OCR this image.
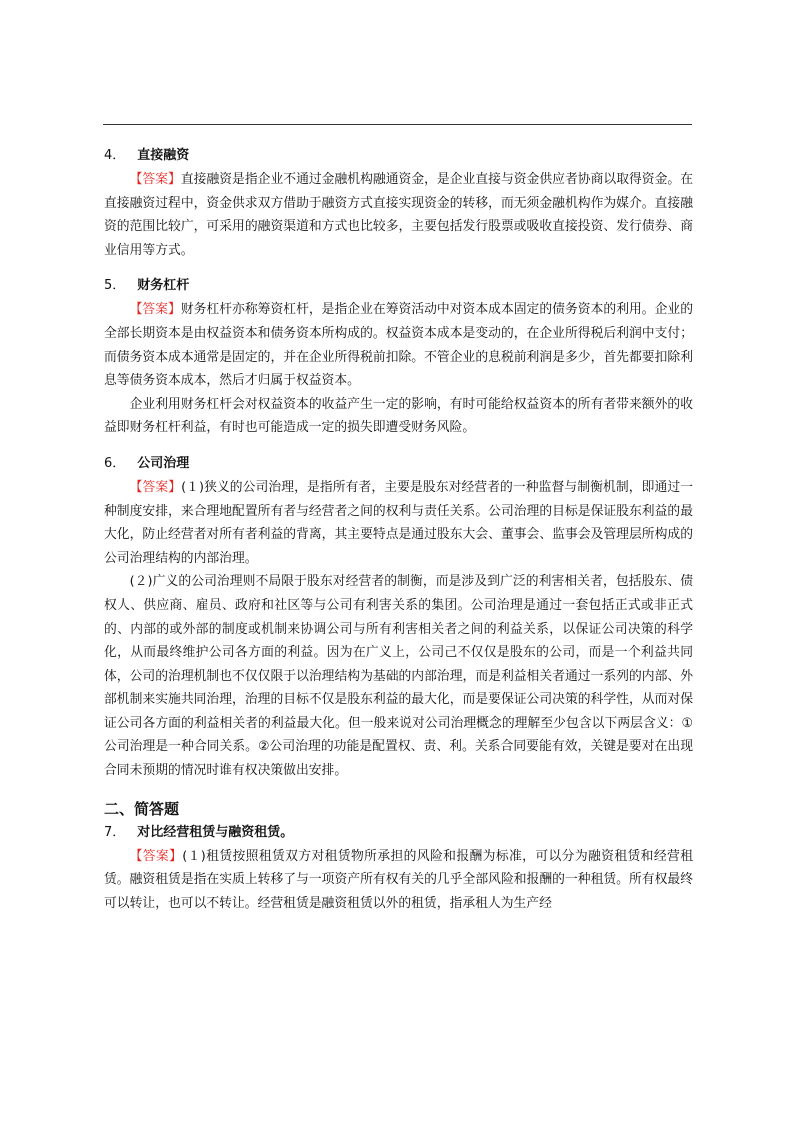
4． 直接融资

【答案】直接融资是指企业不通过金融机构融通资金，是企业直接与资金供应者协商以取得资金。在直接融资过程中，资金供求双方借助于融资方式直接实现资金的转移，而无须金融机构作为媒介。直接融资的范围比较广，可采用的融资渠道和方式也比较多，主要包括发行股票或吸收直接投资、发行债券、商业信用等方式。

5． 财务杠杆

【答案】财务杠杆亦称筹资杠杆，是指企业在筹资活动中对资本成本固定的债务资本的利用。企业的全部长期资本是由权益资本和债务资本所构成的。权益资本成本是变动的，在企业所得税后利润中支付；而债务资本成本通常是固定的，并在企业所得税前扣除。不管企业的息税前利润是多少，首先都要扣除利息等债务资本成本，然后才归属于权益资本。

企业利用财务杠杆会对权益资本的收益产生一定的影响，有时可能给权益资本的所有者带来额外的收益即财务杠杆利益，有时也可能造成一定的损失即遭受财务风险。

6． 公司治理

【答案】(１)狭义的公司治理，是指所有者，主要是股东对经营者的一种监督与制衡机制，即通过一种制度安排，来合理地配置所有者与经营者之间的权利与责任关系。公司治理的目标是保证股东利益的最大化，防止经营者对所有者利益的背离，其主要特点是通过股东大会、董事会、监事会及管理层所构成的公司治理结构的内部治理。

(２)广义的公司治理则不局限于股东对经营者的制衡，而是涉及到广泛的利害相关者，包括股东、债权人、供应商、雇员、政府和社区等与公司有利害关系的集团。公司治理是通过一套包括正式或非正式的、内部的或外部的制度或机制来协调公司与所有利害相关者之间的利益关系，以保证公司决策的科学化，从而最终维护公司各方面的利益。因为在广义上，公司己不仅仅是股东的公司，而是一个利益共同体，公司的治理机制也不仅仅限于以治理结构为基础的内部治理，而是利益相关者通过一系列的内部、外部机制来实施共同治理，治理的目标不仅是股东利益的最大化，而是要保证公司决策的科学性，从而对保证公司各方面的利益相关者的利益最大化。但一般来说对公司治理概念的理解至少包含以下两层含义：①公司治理是一种合同关系。②公司治理的功能是配置权、责、利。关系合同要能有效，关键是要对在出现合同未预期的情况时谁有权决策做出安排。

二、简答题
7． 对比经营租赁与融资租赁。

【答案】(１)租赁按照租赁双方对租赁物所承担的风险和报酬为标准，可以分为融资租赁和经营租赁。融资租赁是指在实质上转移了与一项资产所有权有关的几乎全部风险和报酬的一种租赁。所有权最终可以转让，也可以不转让。经营租赁是融资租赁以外的租赁，指承租人为生产经
